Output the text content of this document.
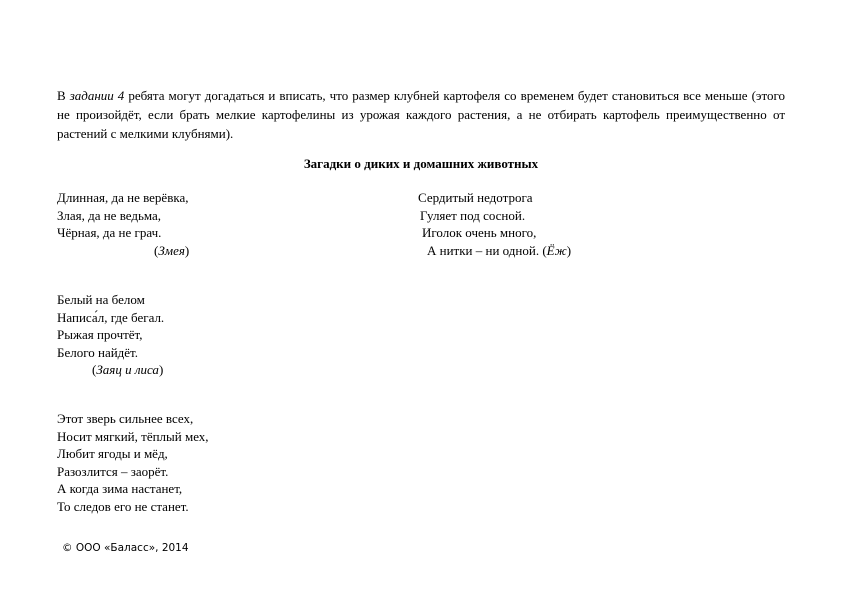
В задании 4 ребята могут догадаться и вписать, что размер клубней картофеля со временем будет становиться все меньше (этого не произойдёт, если брать мелкие картофелины из урожая каждого растения, а не отбирать картофель преимущественно от растений с мелкими клубнями).

Загадки о диких и домашних животных

Длинная, да не верёвка,
Злая, да не ведьма,
Чёрная, да не грач.
(Змея)
Сердитый недотрога
Гуляет под сосной.
Иголок очень много,
А нитки – ни одной. (Ёж)
Белый на белом
Написа́л, где бегал.
Рыжая прочтёт,
Белого найдёт.
(Заяц и лиса)
Этот зверь сильнее всех,
Носит мягкий, тёплый мех,
Любит ягоды и мёд,
Разозлится – заорёт.
А когда зима настанет,
То следов его не станет.
© ООО «Баласс», 2014
